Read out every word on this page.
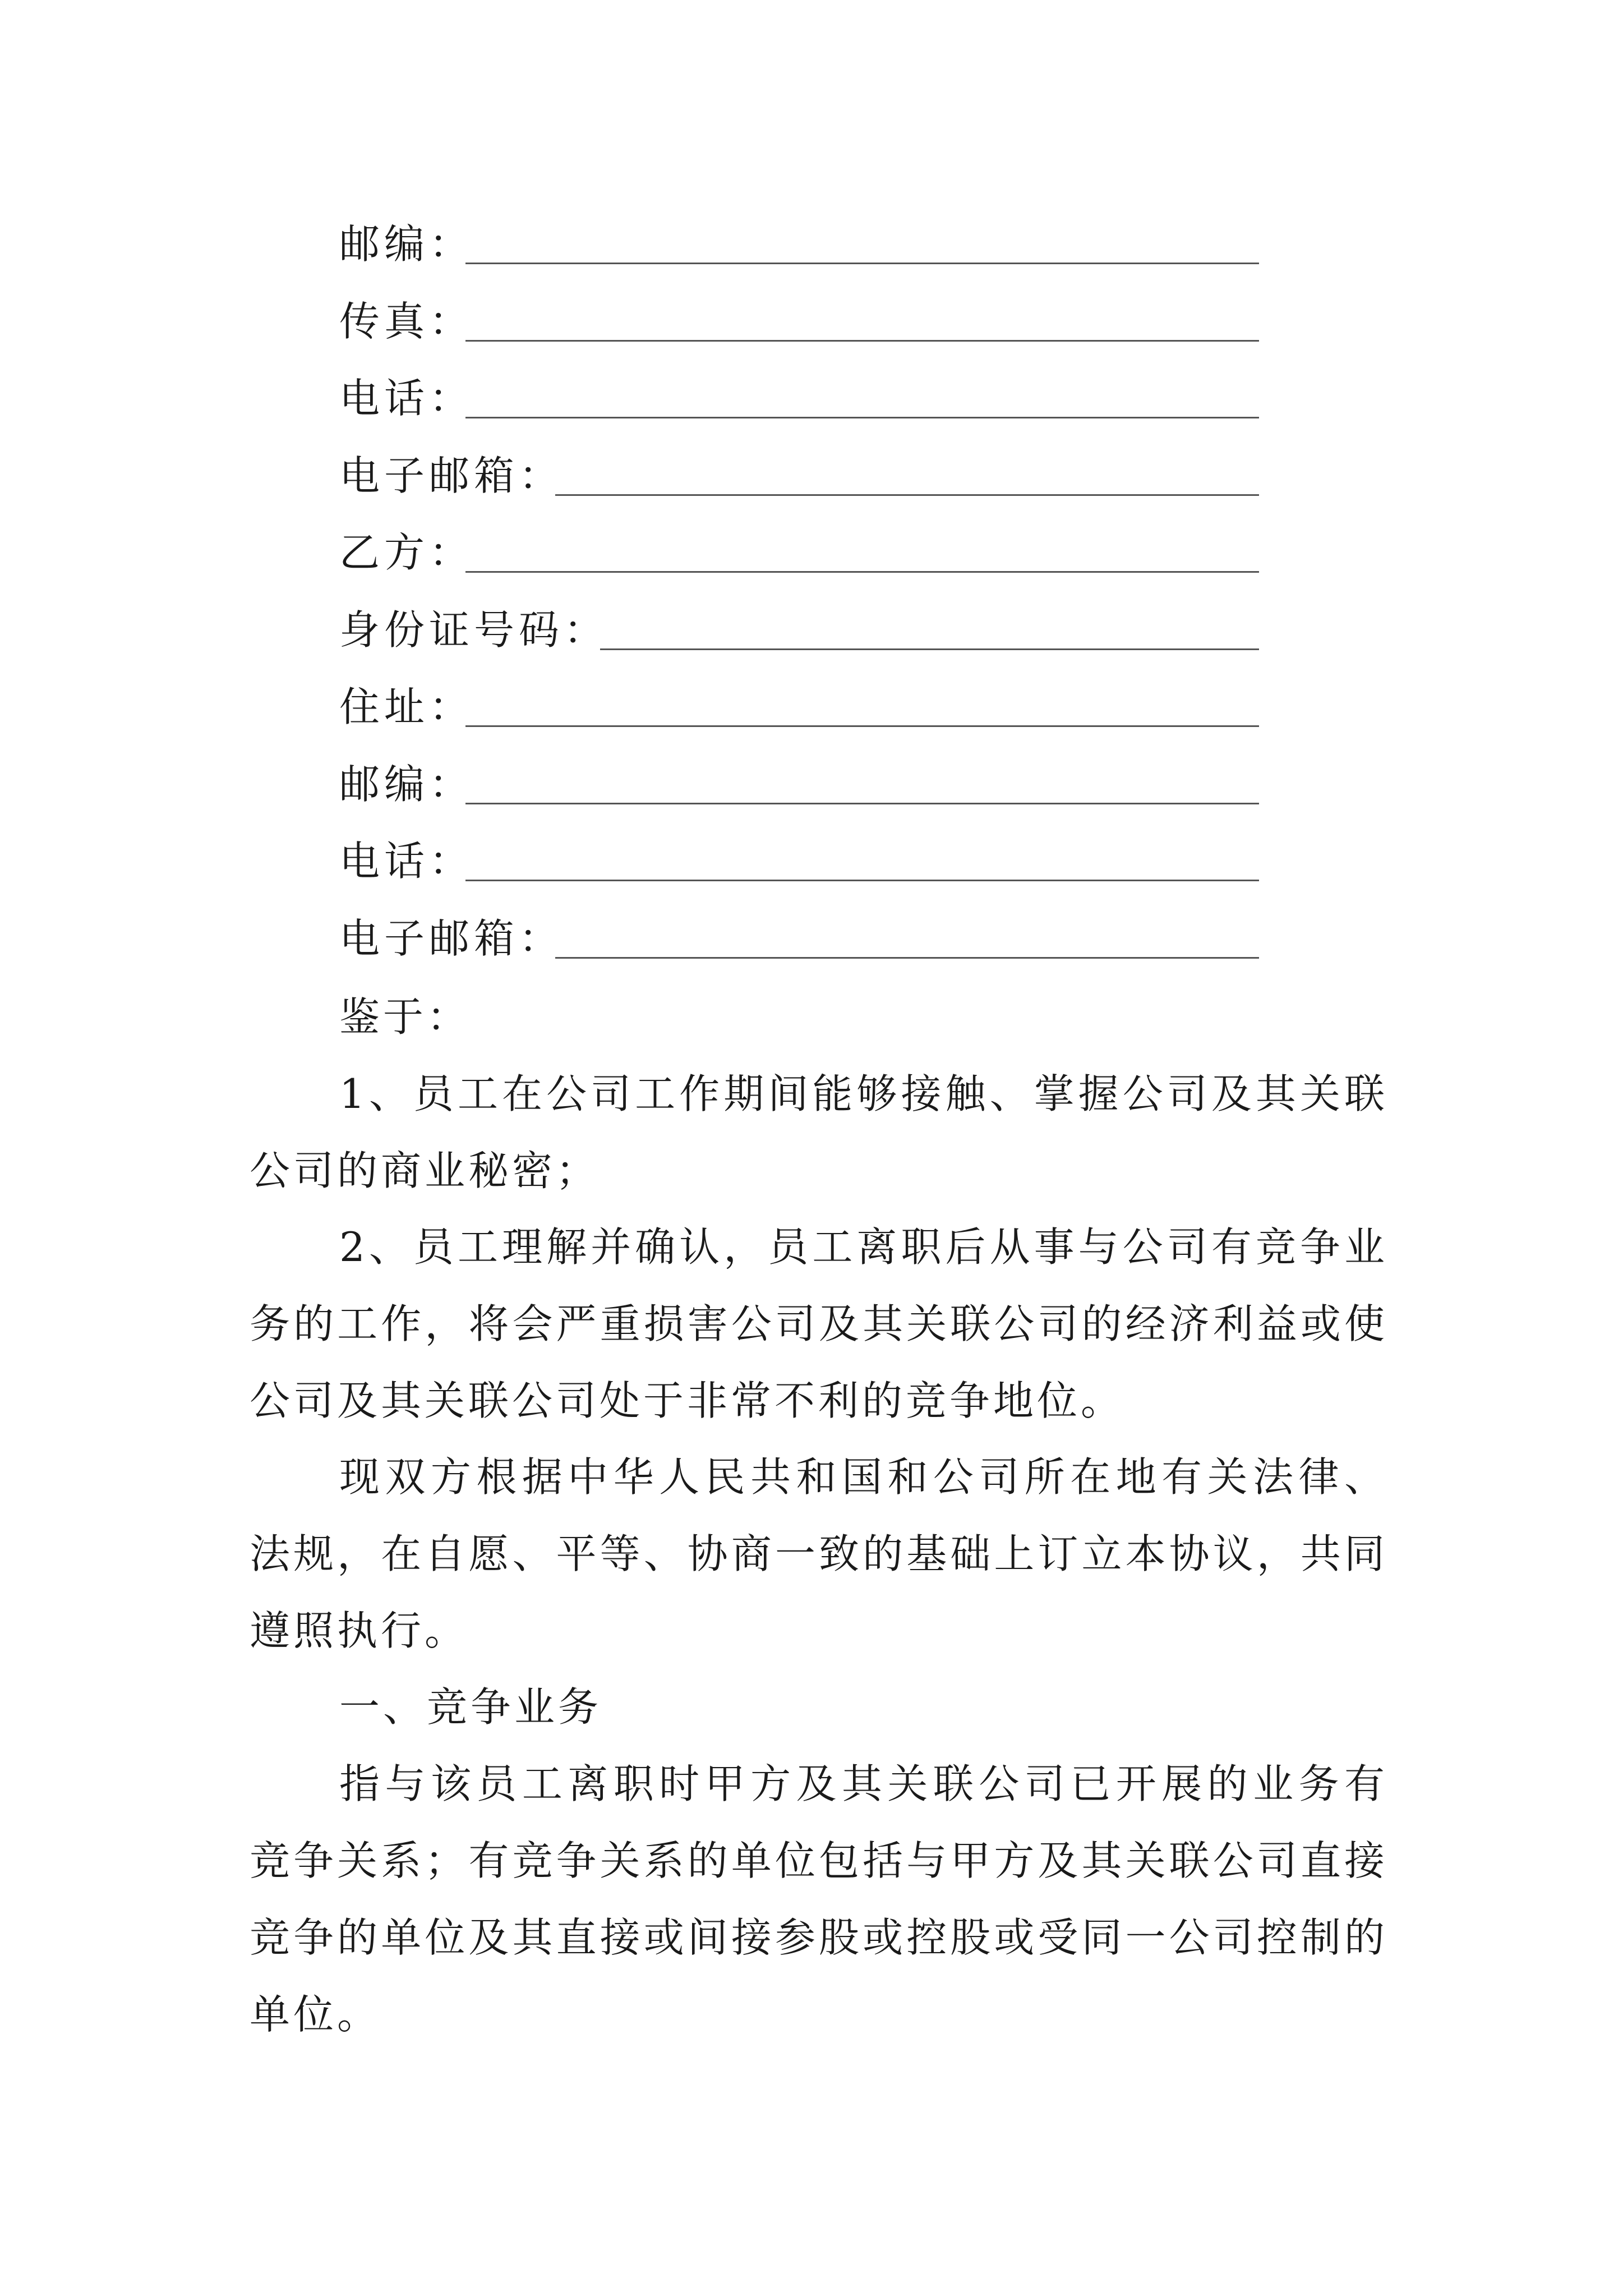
邮编：
传真：
电话：
电子邮箱：
乙方：
身份证号码：
住址：
邮编：
电话：
电子邮箱：

鉴于：

1、员工在公司工作期间能够接触、掌握公司及其关联公司的商业秘密；

2、员工理解并确认，员工离职后从事与公司有竞争业务的工作，将会严重损害公司及其关联公司的经济利益或使公司及其关联公司处于非常不利的竞争地位。

现双方根据中华人民共和国和公司所在地有关法律、法规，在自愿、平等、协商一致的基础上订立本协议，共同遵照执行。

一、竞争业务

指与该员工离职时甲方及其关联公司已开展的业务有竞争关系；有竞争关系的单位包括与甲方及其关联公司直接竞争的单位及其直接或间接参股或控股或受同一公司控制的单位。
